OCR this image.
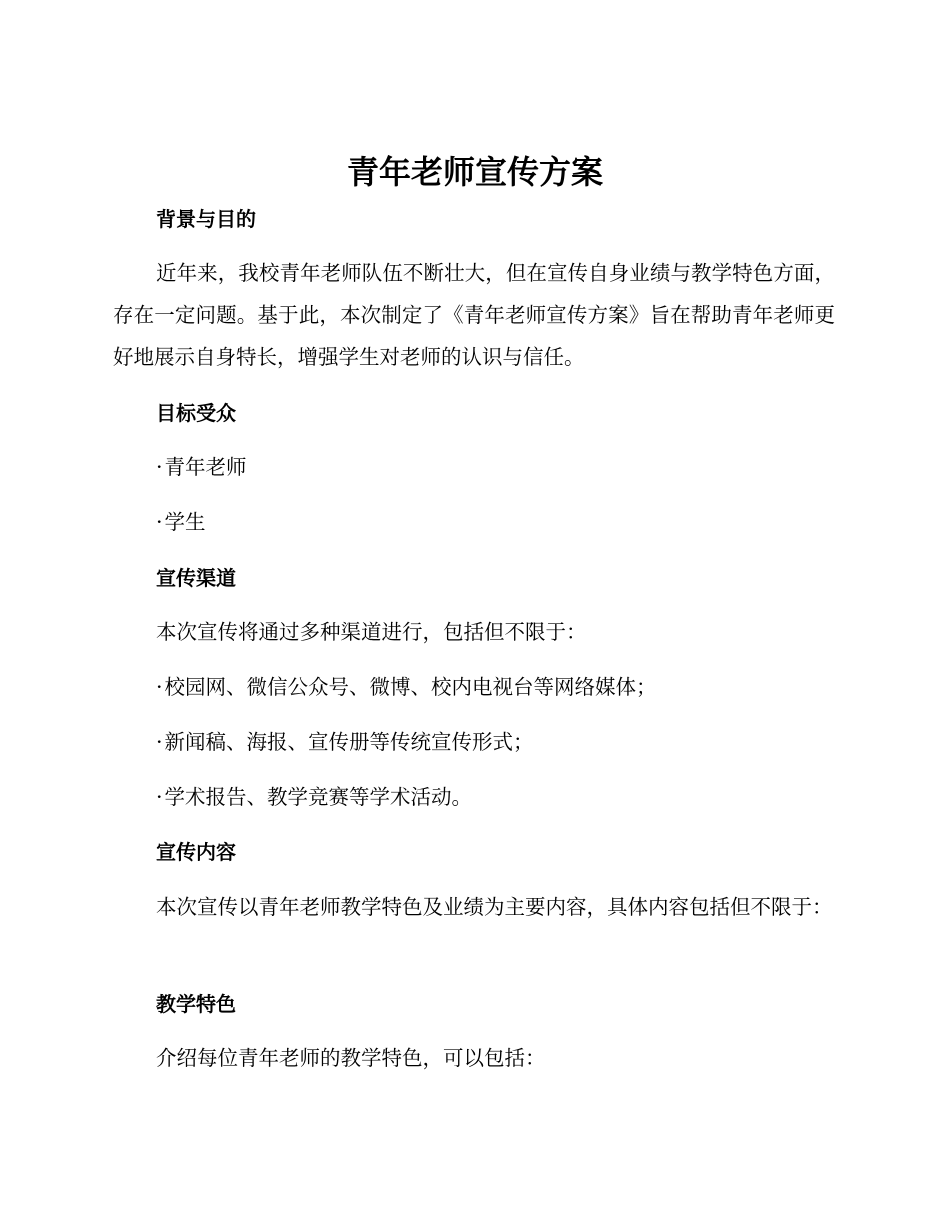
青年老师宣传方案
背景与目的

近年来，我校青年老师队伍不断壮大，但在宣传自身业绩与教学特色方面，存在一定问题。基于此，本次制定了《青年老师宣传方案》旨在帮助青年老师更好地展示自身特长，增强学生对老师的认识与信任。

目标受众

·青年老师

·学生

宣传渠道

本次宣传将通过多种渠道进行，包括但不限于：

·校园网、微信公众号、微博、校内电视台等网络媒体；

·新闻稿、海报、宣传册等传统宣传形式；

·学术报告、教学竞赛等学术活动。

宣传内容

本次宣传以青年老师教学特色及业绩为主要内容，具体内容包括但不限于：

教学特色

介绍每位青年老师的教学特色，可以包括：
